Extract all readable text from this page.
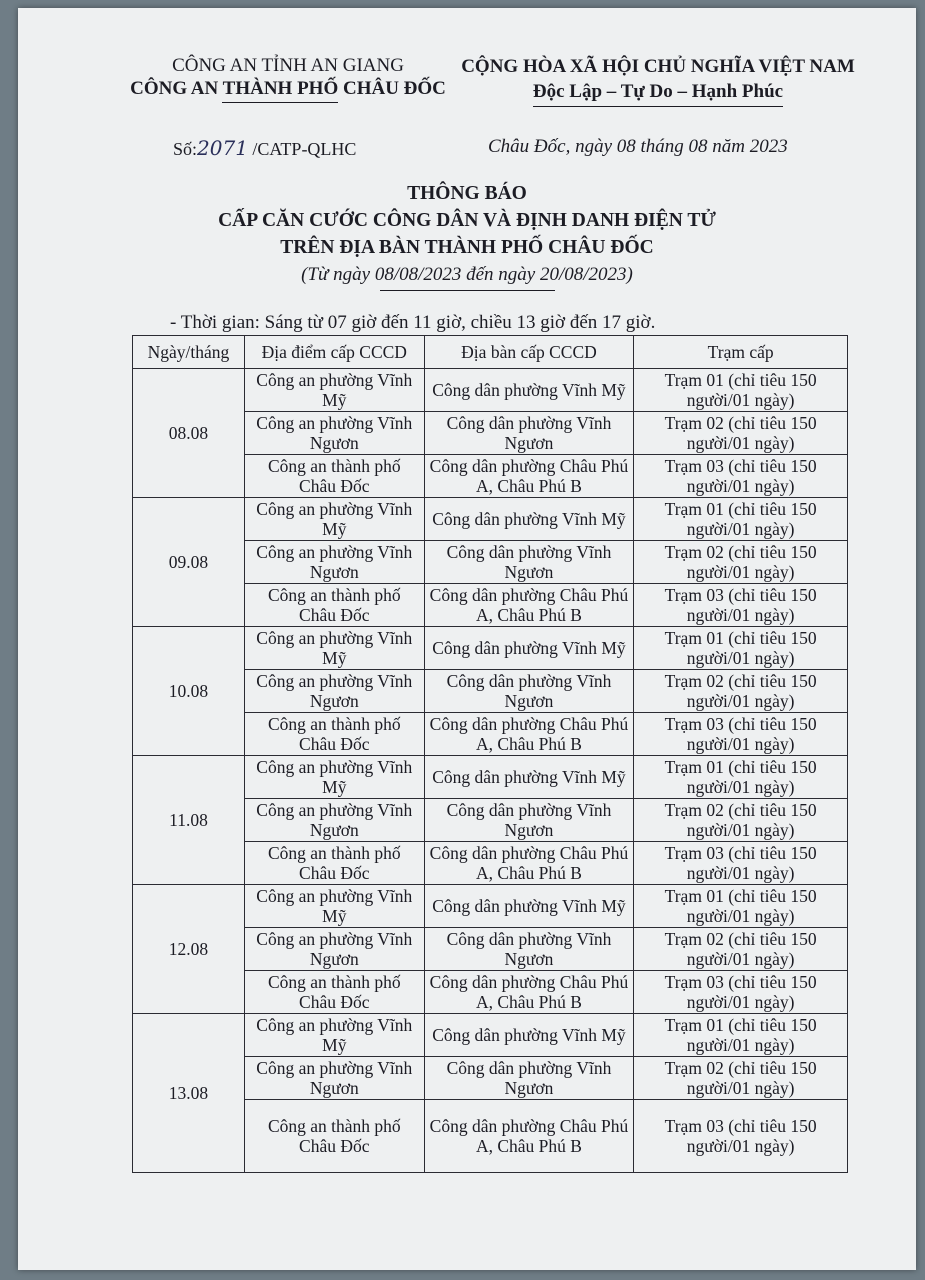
CÔNG AN TỈNH AN GIANG
CÔNG AN THÀNH PHỐ CHÂU ĐỐC
CỘNG HÒA XÃ HỘI CHỦ NGHĨA VIỆT NAM
Độc Lập – Tự Do – Hạnh Phúc
Số:2071 /CATP-QLHC	Châu Đốc, ngày 08 tháng 08 năm 2023
THÔNG BÁO
CẤP CĂN CƯỚC CÔNG DÂN VÀ ĐỊNH DANH ĐIỆN TỬ
TRÊN ĐỊA BÀN THÀNH PHỐ CHÂU ĐỐC
(Từ ngày 08/08/2023 đến ngày 20/08/2023)
- Thời gian: Sáng từ 07 giờ đến 11 giờ, chiều 13 giờ đến 17 giờ.
Ngày/tháng	Địa điểm cấp CCCD	Địa bàn cấp CCCD	Trạm cấp
08.08	Công an phường Vĩnh Mỹ	Công dân phường Vĩnh Mỹ	Trạm 01 (chỉ tiêu 150 người/01 ngày)
	Công an phường Vĩnh Ngươn	Công dân phường Vĩnh Ngươn	Trạm 02 (chỉ tiêu 150 người/01 ngày)
	Công an thành phố Châu Đốc	Công dân phường Châu Phú A, Châu Phú B	Trạm 03 (chỉ tiêu 150 người/01 ngày)
09.08	Công an phường Vĩnh Mỹ	Công dân phường Vĩnh Mỹ	Trạm 01 (chỉ tiêu 150 người/01 ngày)
	Công an phường Vĩnh Ngươn	Công dân phường Vĩnh Ngươn	Trạm 02 (chỉ tiêu 150 người/01 ngày)
	Công an thành phố Châu Đốc	Công dân phường Châu Phú A, Châu Phú B	Trạm 03 (chỉ tiêu 150 người/01 ngày)
10.08	Công an phường Vĩnh Mỹ	Công dân phường Vĩnh Mỹ	Trạm 01 (chỉ tiêu 150 người/01 ngày)
	Công an phường Vĩnh Ngươn	Công dân phường Vĩnh Ngươn	Trạm 02 (chỉ tiêu 150 người/01 ngày)
	Công an thành phố Châu Đốc	Công dân phường Châu Phú A, Châu Phú B	Trạm 03 (chỉ tiêu 150 người/01 ngày)
11.08	Công an phường Vĩnh Mỹ	Công dân phường Vĩnh Mỹ	Trạm 01 (chỉ tiêu 150 người/01 ngày)
	Công an phường Vĩnh Ngươn	Công dân phường Vĩnh Ngươn	Trạm 02 (chỉ tiêu 150 người/01 ngày)
	Công an thành phố Châu Đốc	Công dân phường Châu Phú A, Châu Phú B	Trạm 03 (chỉ tiêu 150 người/01 ngày)
12.08	Công an phường Vĩnh Mỹ	Công dân phường Vĩnh Mỹ	Trạm 01 (chỉ tiêu 150 người/01 ngày)
	Công an phường Vĩnh Ngươn	Công dân phường Vĩnh Ngươn	Trạm 02 (chỉ tiêu 150 người/01 ngày)
	Công an thành phố Châu Đốc	Công dân phường Châu Phú A, Châu Phú B	Trạm 03 (chỉ tiêu 150 người/01 ngày)
13.08	Công an phường Vĩnh Mỹ	Công dân phường Vĩnh Mỹ	Trạm 01 (chỉ tiêu 150 người/01 ngày)
	Công an phường Vĩnh Ngươn	Công dân phường Vĩnh Ngươn	Trạm 02 (chỉ tiêu 150 người/01 ngày)
	Công an thành phố Châu Đốc	Công dân phường Châu Phú A, Châu Phú B	Trạm 03 (chỉ tiêu 150 người/01 ngày)
